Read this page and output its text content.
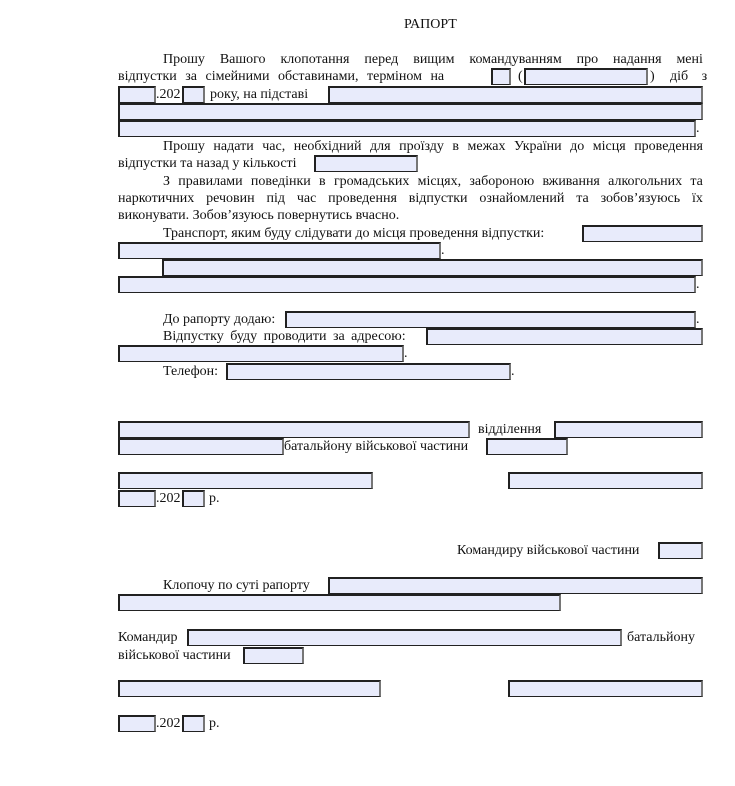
РАПОРТ
Прошу Вашого клопотання перед вищим командуванням про надання мені
відпустки за сімейними обставинами, терміном на	(	) діб з
.202 року, на підставі
.
Прошу надати час, необхідний для проїзду в межах України до місця проведення
відпустки та назад у кількості
З правилами поведінки в громадських місцях, забороною вживання алкогольних та
наркотичних речовин під час проведення відпустки ознайомлений та зобов’язуюсь їх
виконувати. Зобов’язуюсь повернутись вчасно.
Транспорт, яким буду слідувати до місця проведення відпустки:
.
.
До рапорту додаю:	.
Відпустку буду проводити за адресою:
.
Телефон:	.
відділення
батальйону військової частини
.202 р.
Командиру військової частини
Клопочу по суті рапорту
Командир	батальйону
військової частини
.202 р.
